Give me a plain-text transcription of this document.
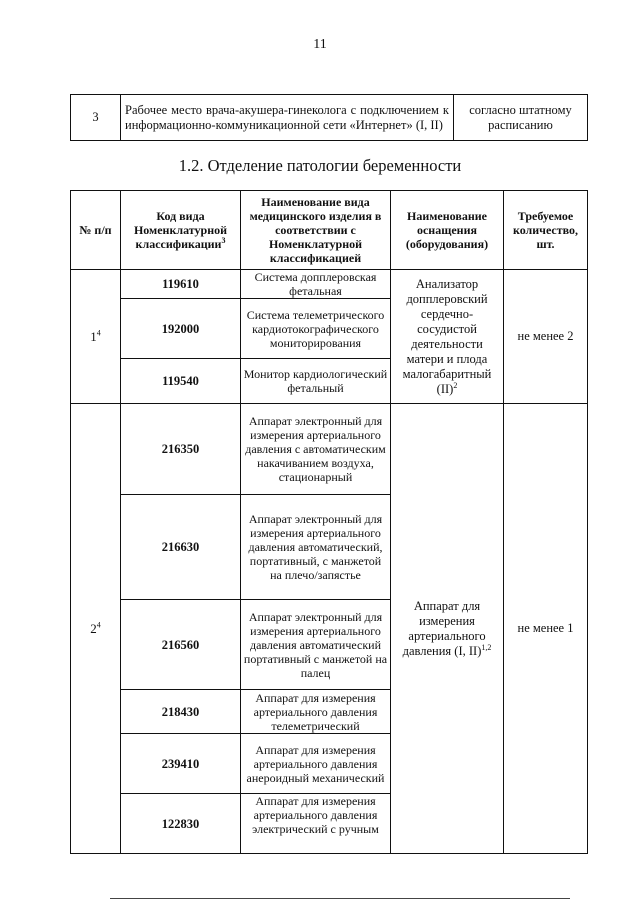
11
3	Рабочее место врача-акушера-гинеколога с подключением к информационно-коммуникационной сети «Интернет» (I, II)	согласно штатному расписанию
1.2. Отделение патологии беременности
№ п/п	Код вида Номенклатурной классификации$^3$	Наименование вида медицинского изделия в соответствии с Номенклатурной классификацией	Наименование оснащения (оборудования)	Требуемое количество, шт.
$1^4$	119610	Система допплеровская фетальная	Анализатор допплеровский сердечно-сосудистой деятельности матери и плода малогабаритный (II)$^2$	не менее 2
	192000	Система телеметрического кардиотокографического мониторирования		
	119540	Монитор кардиологический фетальный		
$2^4$	216350	Аппарат электронный для измерения артериального давления с автоматическим накачиванием воздуха, стационарный	Аппарат для измерения артериального давления (I, II)$^{1,2}$	не менее 1
	216630	Аппарат электронный для измерения артериального давления автоматический, портативный, с манжетой на плечо/запястье		
	216560	Аппарат электронный для измерения артериального давления автоматический портативный с манжетой на палец		
	218430	Аппарат для измерения артериального давления телеметрический		
	239410	Аппарат для измерения артериального давления анероидный механический		
	122830	Аппарат для измерения артериального давления электрический с ручным		
